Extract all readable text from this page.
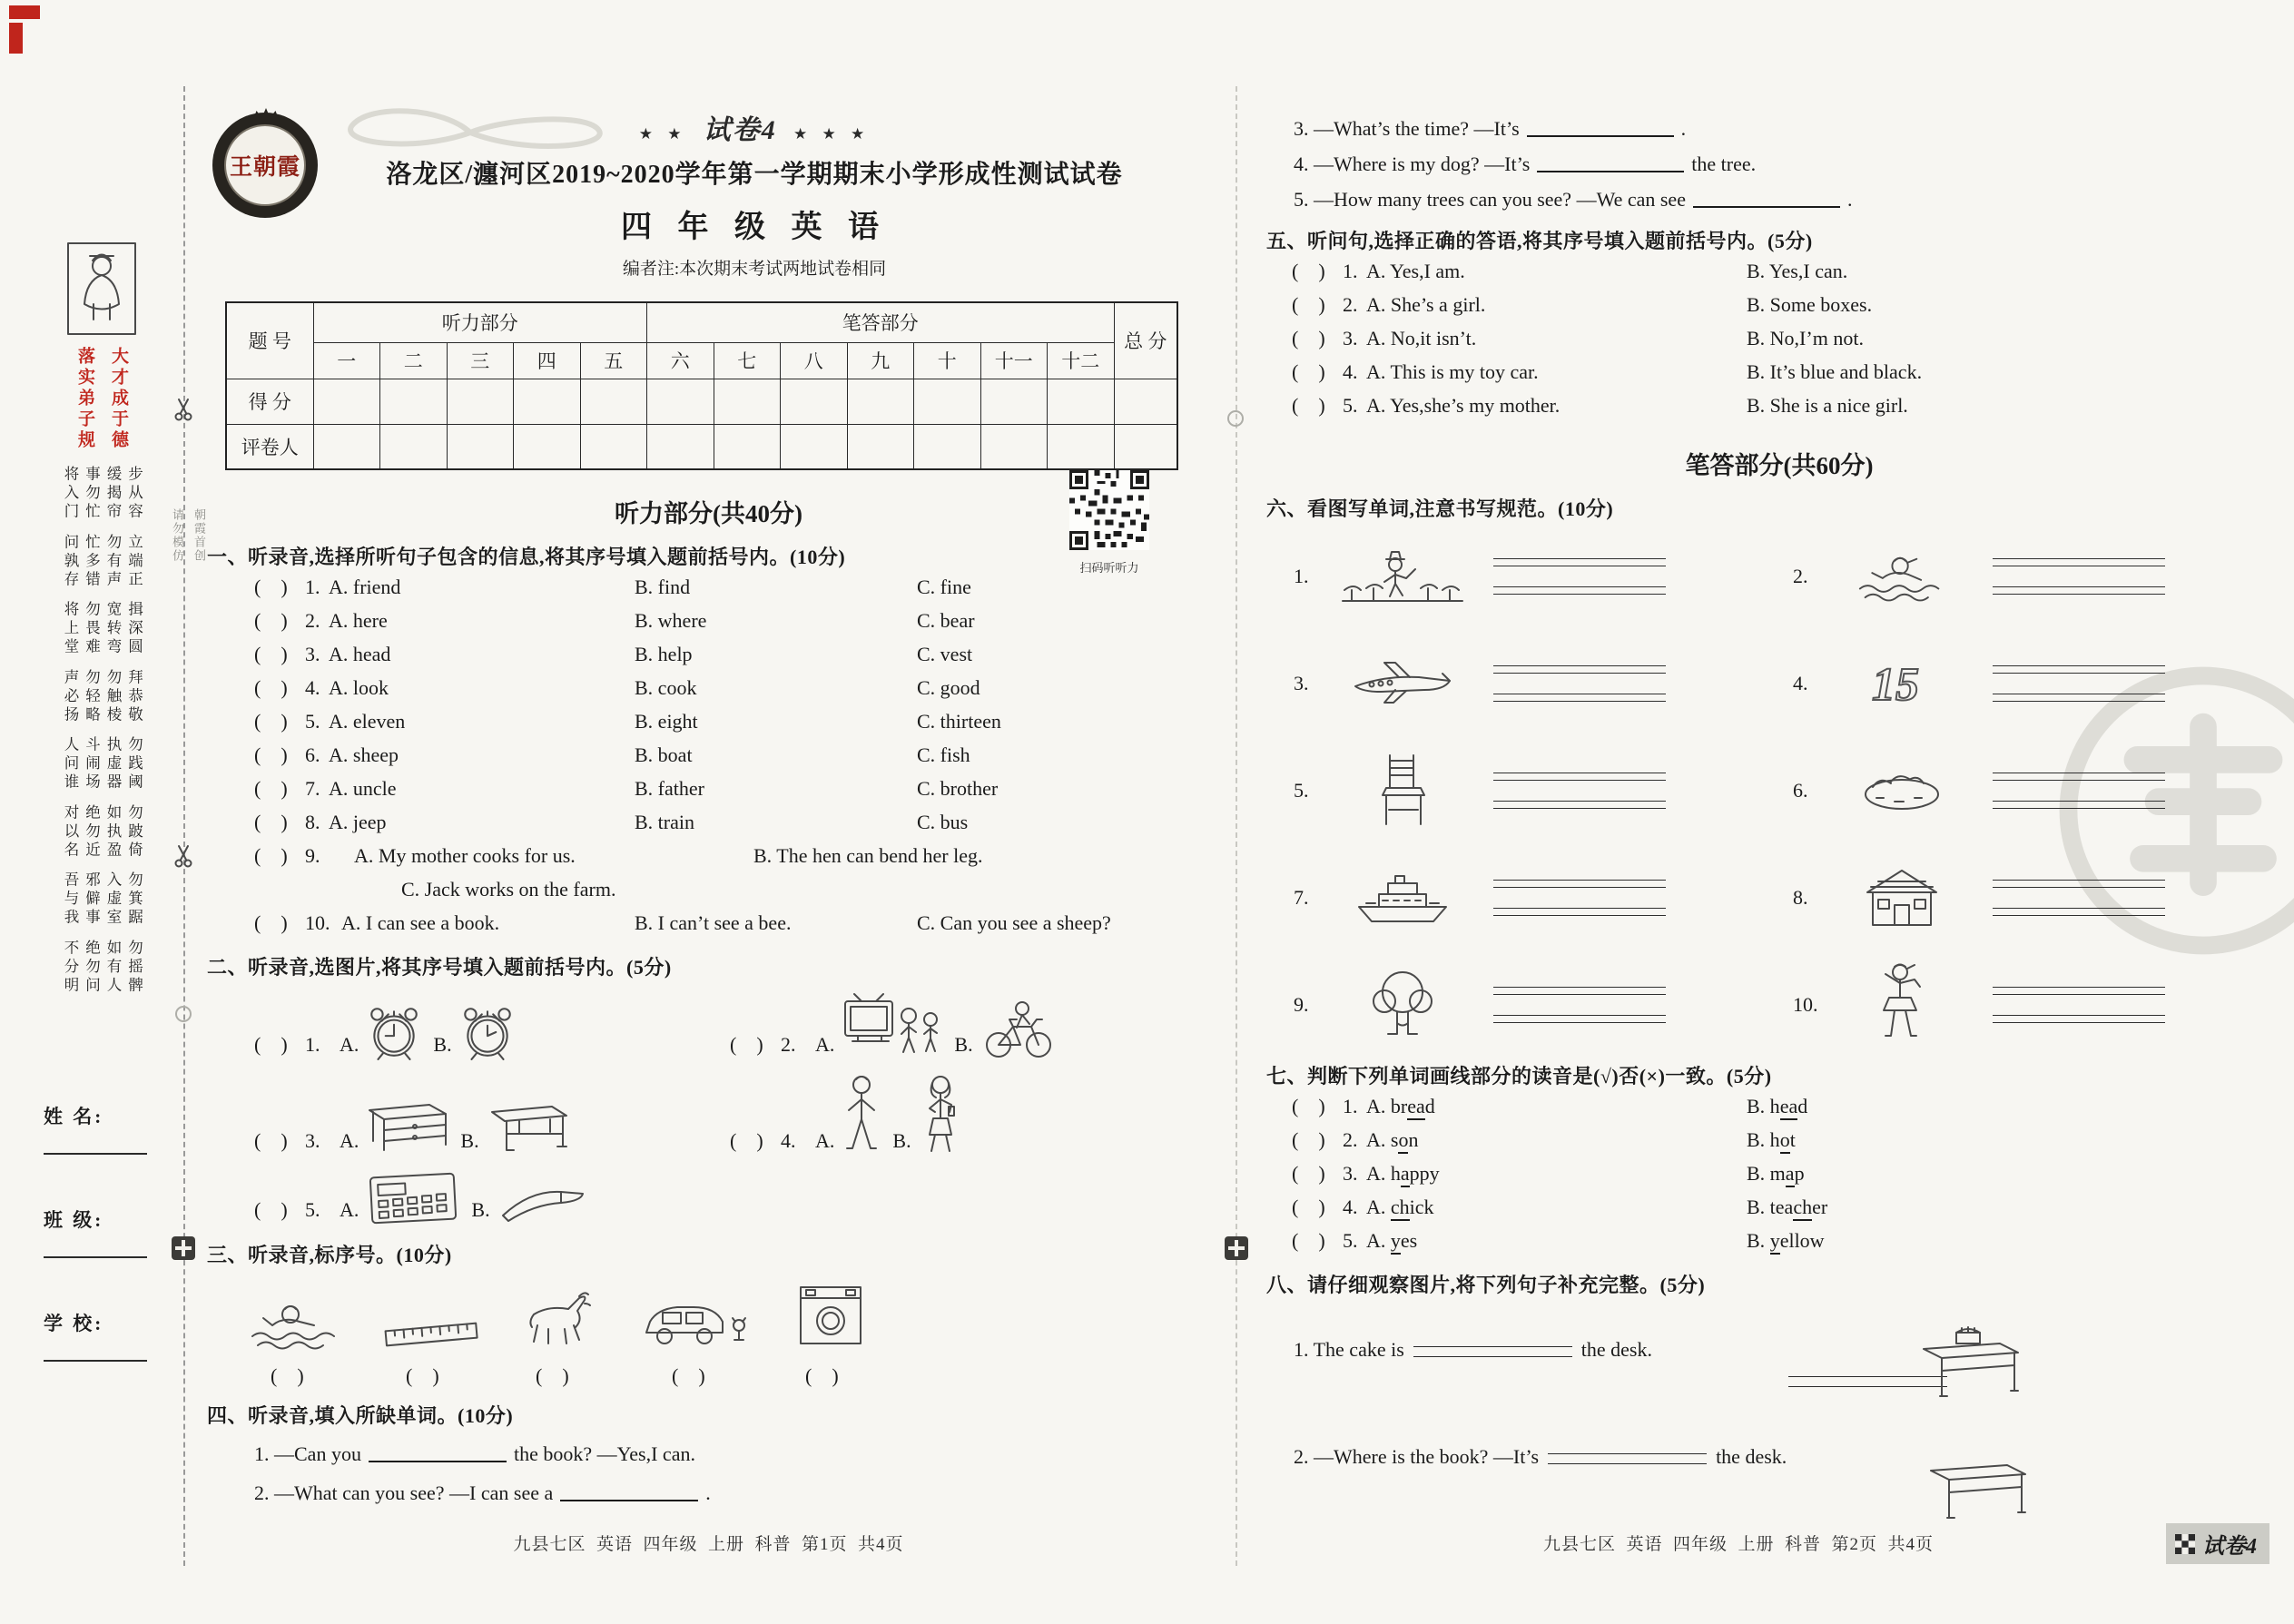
请勿模仿 朝霞首创
大才成于德
落实弟子规
将入门 事勿忙 缓揭帘 步从容
问孰存 忙多错 勿有声 立端正
将上堂 勿畏难 宽转弯 揖深圆
声必扬 勿轻略 勿触棱 拜恭敬
人问谁 斗闹场 执虚器 勿践阈
对以名 绝勿近 如执盈 勿跛倚
吾与我 邪僻事 入虚室 勿箕踞
不分明 绝勿问 如有人 勿摇髀
姓 名:
班 级:
学 校:
王朝霞
★ ★ 试卷4 ★ ★ ★
洛龙区/瀍河区2019~2020学年第一学期期末小学形成性测试试卷
四 年 级 英 语

编者注:本次期末考试两地试卷相同

题 号	听力部分					笔答部分							总 分
	一	二	三	四	五	六	七	八	九	十	十一	十二	
得 分													
评卷人													
听力部分(共40分)
扫码听听力
一、听录音,选择所听句子包含的信息,将其序号填入题前括号内。(10分)
(    ) 1. A. friend	B. find	C. fine
(    ) 2. A. here	B. where	C. bear
(    ) 3. A. head	B. help	C. vest
(    ) 4. A. look	B. cook	C. good
(    ) 5. A. eleven	B. eight	C. thirteen
(    ) 6. A. sheep	B. boat	C. fish
(    ) 7. A. uncle	B. father	C. brother
(    ) 8. A. jeep	B. train	C. bus
(    ) 9.	A. My mother cooks for us.	B. The hen can bend her leg.
C. Jack works on the farm.
(    ) 10. A. I can see a book.	B. I can’t see a bee.	C. Can you see a sheep?
二、听录音,选图片,将其序号填入题前括号内。(5分)
(    ) 1. A.	B.	(    ) 2. A.	B.
(    ) 3. A.	B.	(    ) 4. A.	B.
(    ) 5. A.	B.
三、听录音,标序号。(10分)
(    )	(    )	(    )	(    )	(    )
四、听录音,填入所缺单词。(10分)
1. —Can you	the book? —Yes,I can.
2. —What can you see? —I can see a	.
3. —What’s the time? —It’s	.
4. —Where is my dog? —It’s	the tree.
5. —How many trees can you see? —We can see	.
五、听问句,选择正确的答语,将其序号填入题前括号内。(5分)
(    ) 1. A. Yes,I am.	B. Yes,I can.
(    ) 2. A. She’s a girl.	B. Some boxes.
(    ) 3. A. No,it isn’t.	B. No,I’m not.
(    ) 4. A. This is my toy car.	B. It’s blue and black.
(    ) 5. A. Yes,she’s my mother.	B. She is a nice girl.
笔答部分(共60分)
六、看图写单词,注意书写规范。(10分)
1.	2.
3.	4.	15
5.	6.
7.	8.
9.	10.
七、判断下列单词画线部分的读音是(√)否(×)一致。(5分)
(    ) 1. A. bread	B. head
(    ) 2. A. son	B. hot
(    ) 3. A. happy	B. map
(    ) 4. A. chick	B. teacher
(    ) 5. A. yes	B. yellow
八、请仔细观察图片,将下列句子补充完整。(5分)
1. The cake is	the desk.
2. —Where is the book? —It’s	the desk.
九县七区  英语  四年级  上册  科普  第1页  共4页	九县七区  英语  四年级  上册  科普  第2页  共4页	试卷4
